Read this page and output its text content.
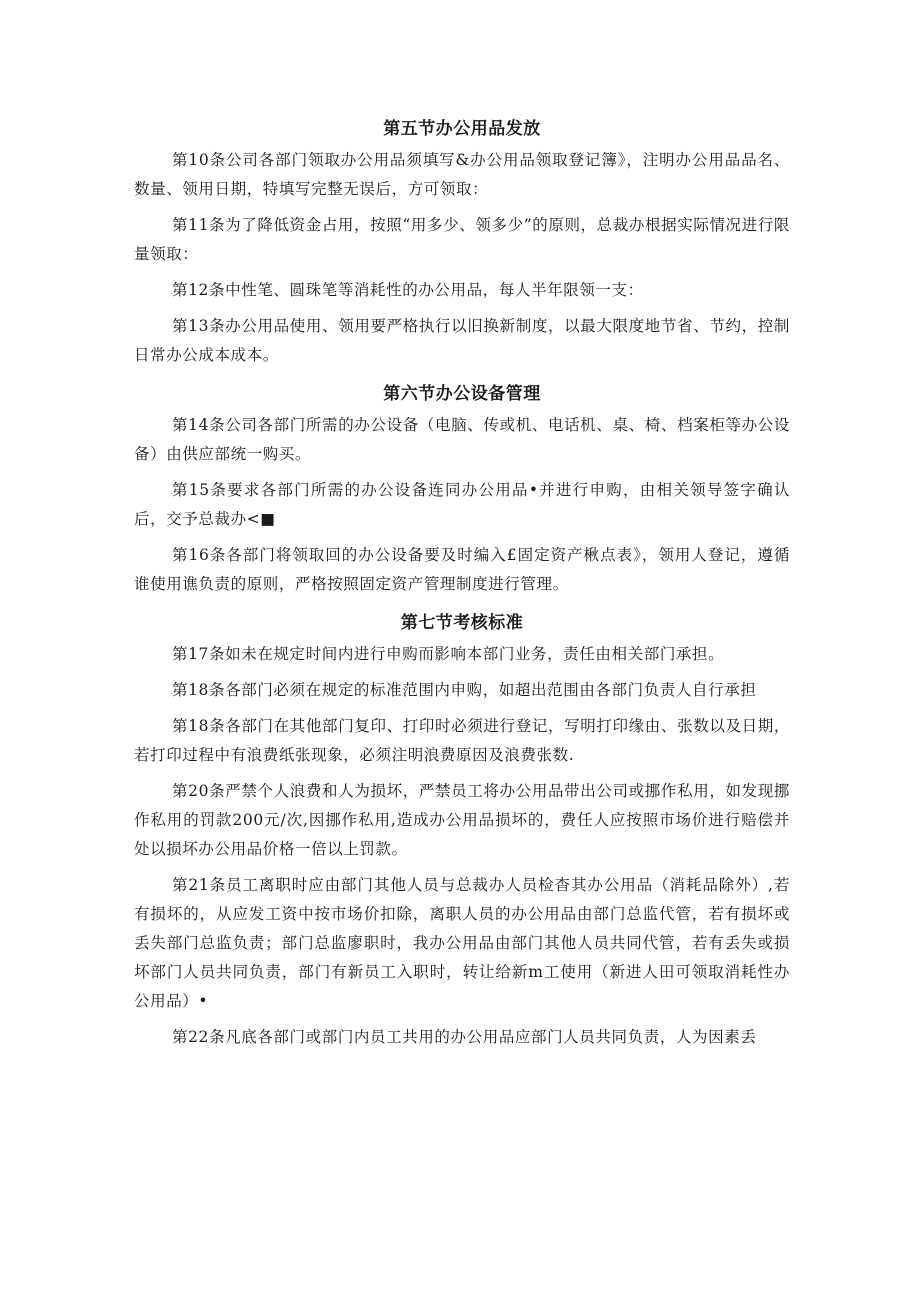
第五节办公用品发放

第10条公司各部门领取办公用品须填写&办公用品领取登记簿》，注明办公用品品名、数量、领用日期，特填写完整无误后，方可领取：

第11条为了降低资金占用，按照“用多少、领多少”的原则，总裁办根据实际情况进行限量领取：

第12条中性笔、圆珠笔等消耗性的办公用品，每人半年限领一支：

第13条办公用品使用、领用要严格执行以旧换新制度，以最大限度地节省、节约，控制日常办公成本成本。

第六节办公设备管理

第14条公司各部门所需的办公设备（电脑、传或机、电话机、桌、椅、档案柜等办公设备）由供应部统一购买。

第15条要求各部门所需的办公设备连同办公用品•并进行申购，由相关领导签字确认后，交予总裁办<■

第16条各部门将领取回的办公设备要及时编入£固定资产楸点表》，领用人登记，遵循谁使用谯负责的原则，严格按照固定资产管理制度进行管理。

第七节考核标准

第17条如未在规定时间内进行申购而影响本部门业务，责任由相关部门承担。

第18条各部门必须在规定的标准范围内申购，如超出范围由各部门负责人自行承担

第18条各部门在其他部门复印、打印时必须进行登记，写明打印缘由、张数以及日期，若打印过程中有浪费纸张现象，必须注明浪费原因及浪费张数.

第20条严禁个人浪费和人为损坏，严禁员工将办公用品带出公司或挪作私用，如发现挪作私用的罚款200元/次,因挪作私用,造成办公用品损坏的，费任人应按照市场价进行赔偿并处以损坏办公用品价格一倍以上罚款。

第21条员工离职时应由部门其他人员与总裁办人员检杳其办公用品（消耗品除外）,若有损坏的，从应发工资中按市场价扣除，离职人员的办公用品由部门总监代管，若有损坏或丢失部门总监负责；部门总监廖职时，我办公用品由部门其他人员共同代管，若有丢失或损坏部门人员共同负责，部门有新员工入职时，转让给新m工使用（新进人田可领取消耗性办公用品）•

第22条凡底各部门或部门内员工共用的办公用品应部门人员共同负责，人为因素丢
